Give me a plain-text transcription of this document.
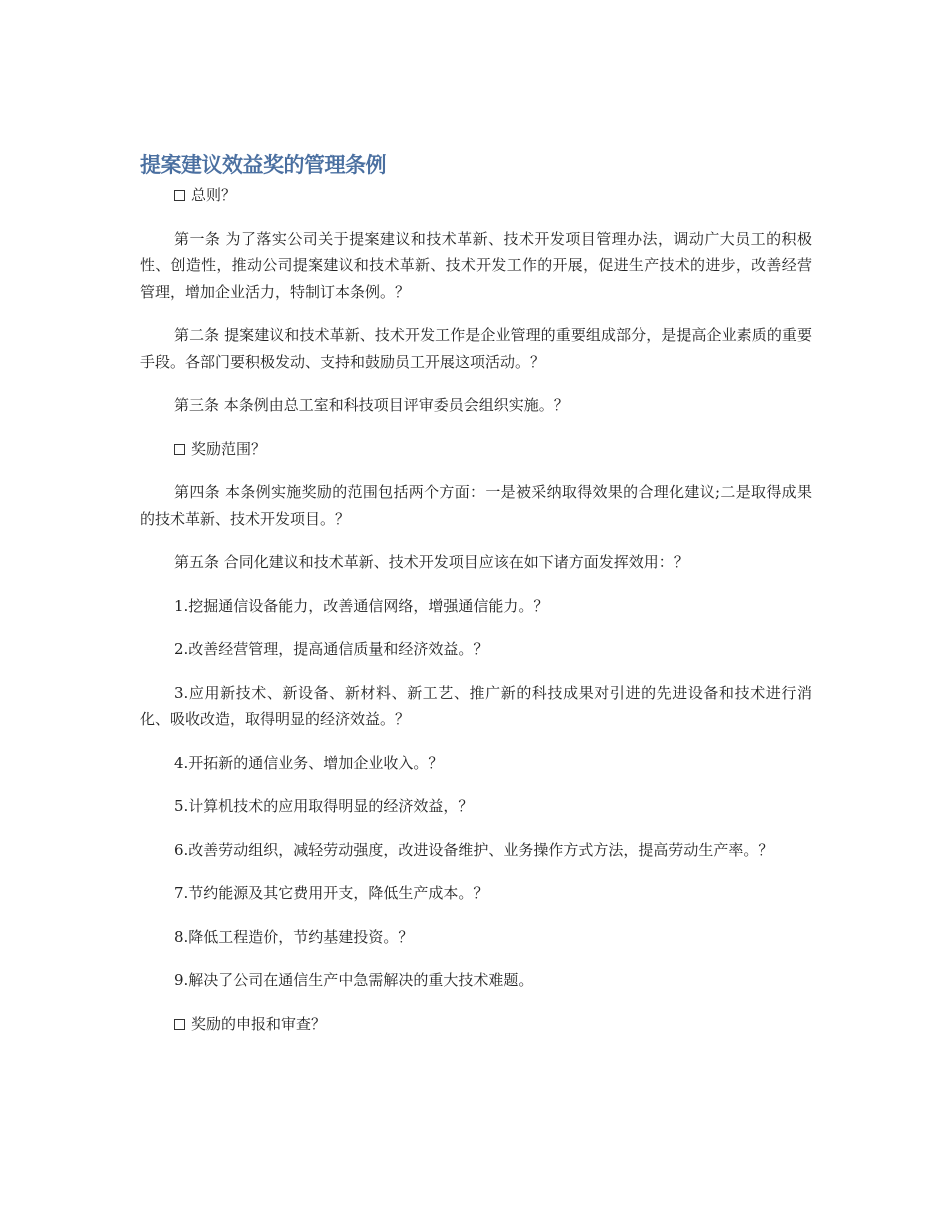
提案建议效益奖的管理条例

总则？

第一条 为了落实公司关于提案建议和技术革新、技术开发项目管理办法，调动广大员工的积极性、创造性，推动公司提案建议和技术革新、技术开发工作的开展，促进生产技术的进步，改善经营管理，增加企业活力，特制订本条例。？

第二条 提案建议和技术革新、技术开发工作是企业管理的重要组成部分，是提高企业素质的重要手段。各部门要积极发动、支持和鼓励员工开展这项活动。？

第三条 本条例由总工室和科技项目评审委员会组织实施。？

奖励范围？

第四条 本条例实施奖励的范围包括两个方面：一是被采纳取得效果的合理化建议;二是取得成果的技术革新、技术开发项目。？

第五条 合同化建议和技术革新、技术开发项目应该在如下诸方面发挥效用：？

1.挖掘通信设备能力，改善通信网络，增强通信能力。？

2.改善经营管理，提高通信质量和经济效益。？

3.应用新技术、新设备、新材料、新工艺、推广新的科技成果对引进的先进设备和技术进行消化、吸收改造，取得明显的经济效益。？

4.开拓新的通信业务、增加企业收入。？

5.计算机技术的应用取得明显的经济效益，？

6.改善劳动组织，减轻劳动强度，改进设备维护、业务操作方式方法，提高劳动生产率。？

7.节约能源及其它费用开支，降低生产成本。？

8.降低工程造价，节约基建投资。？

9.解决了公司在通信生产中急需解决的重大技术难题。

奖励的申报和审查？
